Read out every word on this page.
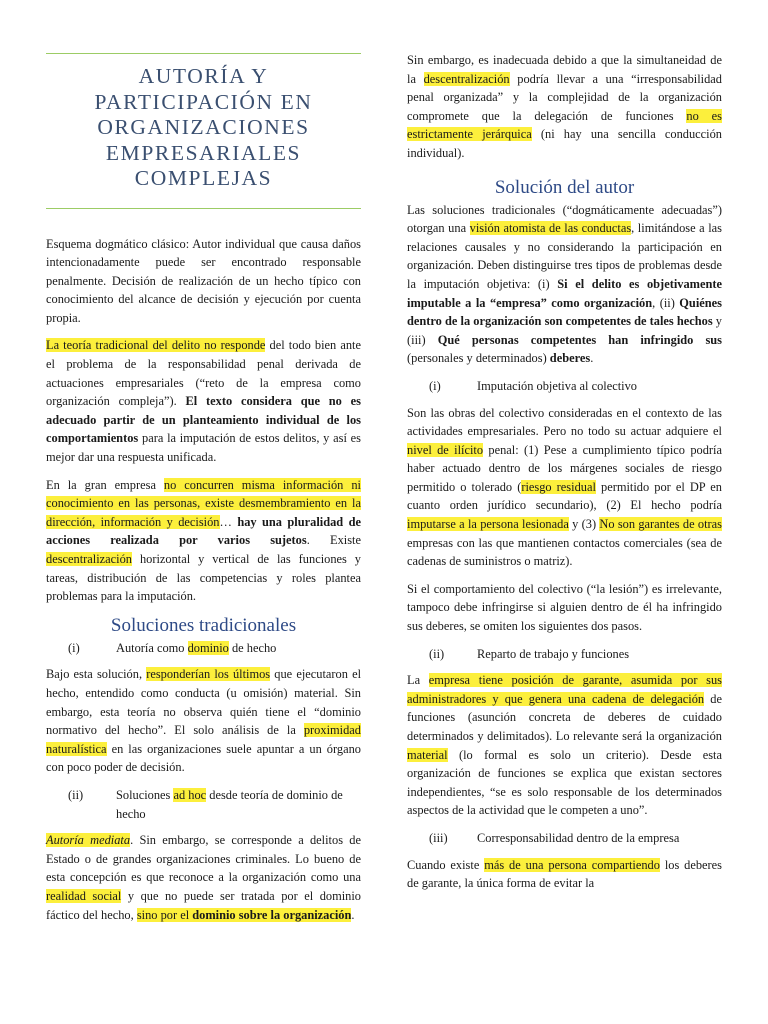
AUTORÍA Y PARTICIPACIÓN EN ORGANIZACIONES EMPRESARIALES COMPLEJAS

Esquema dogmático clásico: Autor individual que causa daños intencionadamente puede ser encontrado responsable penalmente. Decisión de realización de un hecho típico con conocimiento del alcance de decisión y ejecución por cuenta propia.

La teoría tradicional del delito no responde del todo bien ante el problema de la responsabilidad penal derivada de actuaciones empresariales (“reto de la empresa como organización compleja”). El texto considera que no es adecuado partir de un planteamiento individual de los comportamientos para la imputación de estos delitos, y así es mejor dar una respuesta unificada.

En la gran empresa no concurren misma información ni conocimiento en las personas, existe desmembramiento en la dirección, información y decisión… hay una pluralidad de acciones realizada por varios sujetos. Existe descentralización horizontal y vertical de las funciones y tareas, distribución de las competencias y roles plantea problemas para la imputación.

Soluciones tradicionales
(i)	Autoría como dominio de hecho

Bajo esta solución, responderían los últimos que ejecutaron el hecho, entendido como conducta (u omisión) material. Sin embargo, esta teoría no observa quién tiene el “dominio normativo del hecho”. El solo análisis de la proximidad naturalística en las organizaciones suele apuntar a un órgano con poco poder de decisión.

(ii)	Soluciones ad hoc desde teoría de dominio de hecho

Autoría mediata. Sin embargo, se corresponde a delitos de Estado o de grandes organizaciones criminales. Lo bueno de esta concepción es que reconoce a la organización como una realidad social y que no puede ser tratada por el dominio fáctico del hecho, sino por el dominio sobre la organización.

Sin embargo, es inadecuada debido a que la simultaneidad de la descentralización podría llevar a una “irresponsabilidad penal organizada” y la complejidad de la organización compromete que la delegación de funciones no es estrictamente jerárquica (ni hay una sencilla conducción individual).

Solución del autor

Las soluciones tradicionales (“dogmáticamente adecuadas”) otorgan una visión atomista de las conductas, limitándose a las relaciones causales y no considerando la participación en organización. Deben distinguirse tres tipos de problemas desde la imputación objetiva: (i) Si el delito es objetivamente imputable a la “empresa” como organización, (ii) Quiénes dentro de la organización son competentes de tales hechos y (iii) Qué personas competentes han infringido sus (personales y determinados) deberes.

(i)	Imputación objetiva al colectivo

Son las obras del colectivo consideradas en el contexto de las actividades empresariales. Pero no todo su actuar adquiere el nivel de ilícito penal: (1) Pese a cumplimiento típico podría haber actuado dentro de los márgenes sociales de riesgo permitido o tolerado (riesgo residual permitido por el DP en cuanto orden jurídico secundario), (2) El hecho podría imputarse a la persona lesionada y (3) No son garantes de otras empresas con las que mantienen contactos comerciales (sea de cadenas de suministros o matriz).

Si el comportamiento del colectivo (“la lesión”) es irrelevante, tampoco debe infringirse si alguien dentro de él ha infringido sus deberes, se omiten los siguientes dos pasos.

(ii)	Reparto de trabajo y funciones

La empresa tiene posición de garante, asumida por sus administradores y que genera una cadena de delegación de funciones (asunción concreta de deberes de cuidado determinados y delimitados). Lo relevante será la organización material (lo formal es solo un criterio). Desde esta organización de funciones se explica que existan sectores independientes, “se es solo responsable de los determinados aspectos de la actividad que le competen a uno”.

(iii)	Corresponsabilidad dentro de la empresa

Cuando existe más de una persona compartiendo los deberes de garante, la única forma de evitar la
